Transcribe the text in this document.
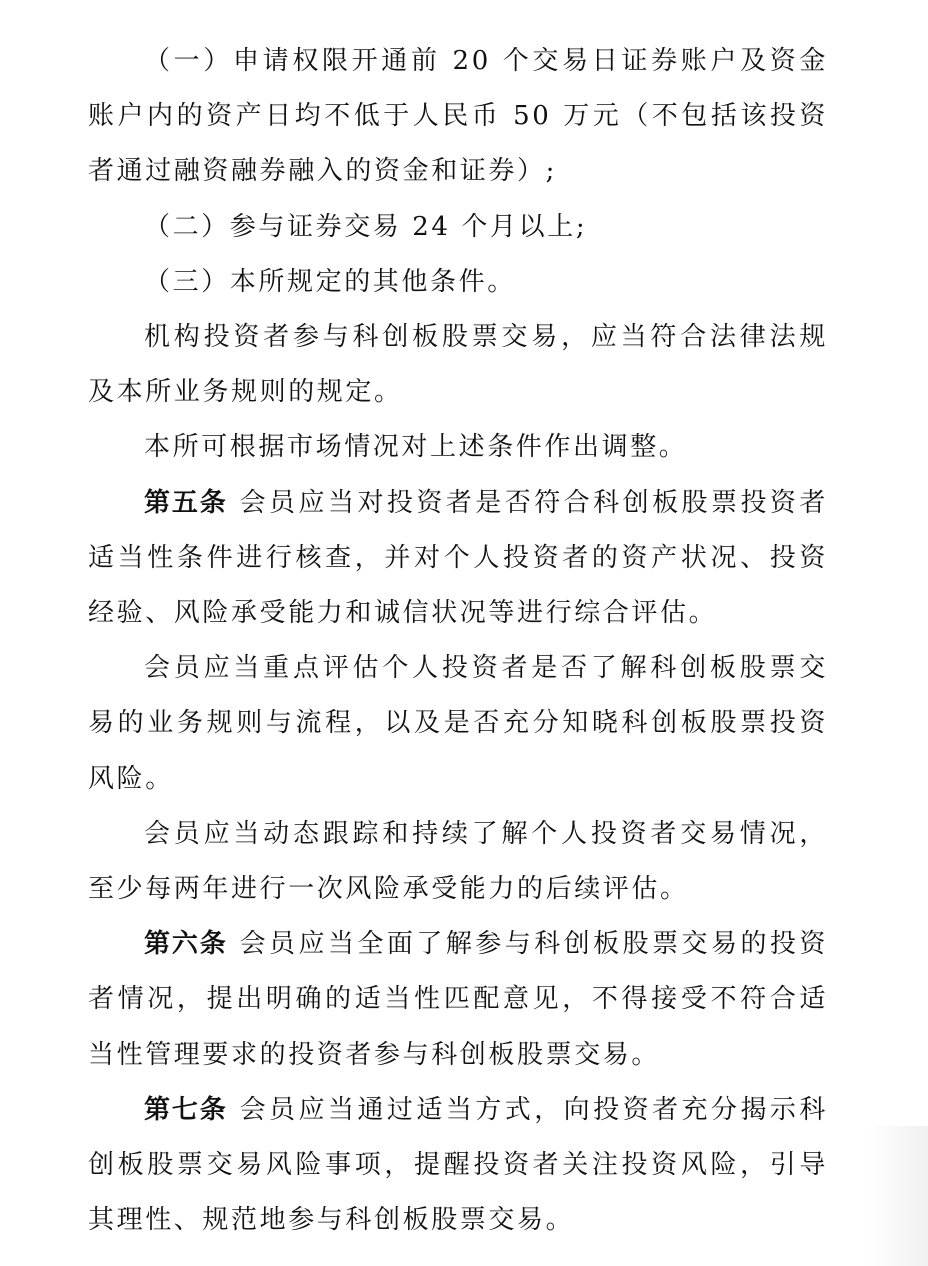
（一）申请权限开通前 20 个交易日证券账户及资金账户内的资产日均不低于人民币 50 万元（不包括该投资者通过融资融券融入的资金和证券）;

（二）参与证券交易 24 个月以上;

（三）本所规定的其他条件。

机构投资者参与科创板股票交易，应当符合法律法规及本所业务规则的规定。

本所可根据市场情况对上述条件作出调整。

第五条 会员应当对投资者是否符合科创板股票投资者适当性条件进行核查，并对个人投资者的资产状况、投资经验、风险承受能力和诚信状况等进行综合评估。

会员应当重点评估个人投资者是否了解科创板股票交易的业务规则与流程，以及是否充分知晓科创板股票投资风险。

会员应当动态跟踪和持续了解个人投资者交易情况，至少每两年进行一次风险承受能力的后续评估。

第六条 会员应当全面了解参与科创板股票交易的投资者情况，提出明确的适当性匹配意见，不得接受不符合适当性管理要求的投资者参与科创板股票交易。

第七条 会员应当通过适当方式，向投资者充分揭示科创板股票交易风险事项，提醒投资者关注投资风险，引导其理性、规范地参与科创板股票交易。
